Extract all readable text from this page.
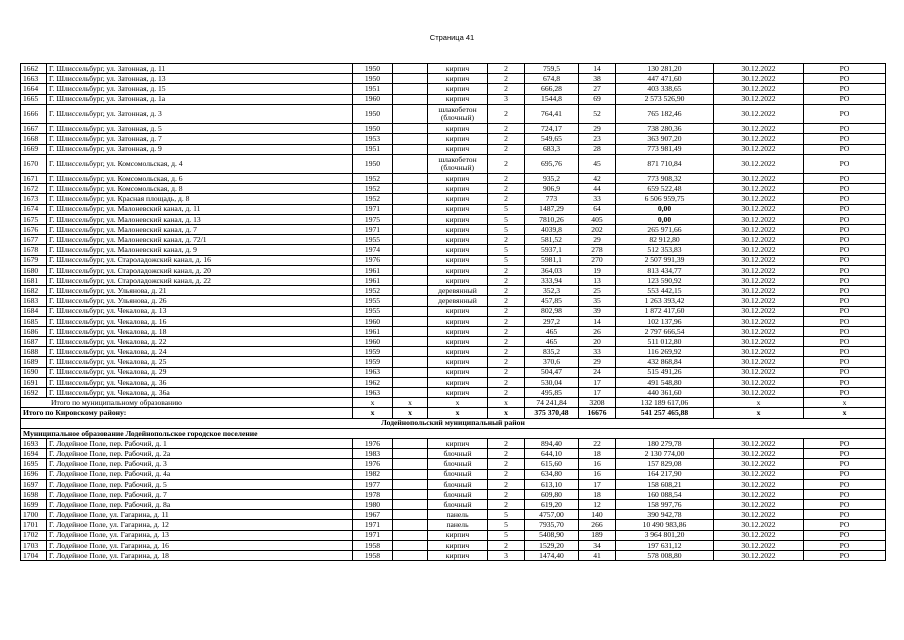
Страница 41
1662	Г. Шлиссельбург, ул. Затонная, д. 11	1950		кирпич	2	759,5	14	130 281,20	30.12.2022	РО
1663	Г. Шлиссельбург, ул. Затонная, д. 13	1950		кирпич	2	674,8	38	447 471,60	30.12.2022	РО
1664	Г. Шлиссельбург, ул. Затонная, д. 15	1951		кирпич	2	666,28	27	403 338,65	30.12.2022	РО
1665	Г. Шлиссельбург, ул. Затонная, д. 1а	1960		кирпич	3	1544,8	69	2 573 526,90	30.12.2022	РО
1666	Г. Шлиссельбург, ул. Затонная, д. 3	1950		шлакобетон (блочный)	2	764,41	52	765 182,46	30.12.2022	РО
1667	Г. Шлиссельбург, ул. Затонная, д. 5	1950		кирпич	2	724,17	29	738 280,36	30.12.2022	РО
1668	Г. Шлиссельбург, ул. Затонная, д. 7	1953		кирпич	2	549,65	23	363 907,20	30.12.2022	РО
1669	Г. Шлиссельбург, ул. Затонная, д. 9	1951		кирпич	2	683,3	28	773 981,49	30.12.2022	РО
1670	Г. Шлиссельбург, ул. Комсомольская, д. 4	1950		шлакобетон (блочный)	2	695,76	45	871 710,84	30.12.2022	РО
1671	Г. Шлиссельбург, ул. Комсомольская, д. 6	1952		кирпич	2	935,2	42	773 908,32	30.12.2022	РО
1672	Г. Шлиссельбург, ул. Комсомольская, д. 8	1952		кирпич	2	906,9	44	659 522,48	30.12.2022	РО
1673	Г. Шлиссельбург, ул. Красная площадь, д. 8	1952		кирпич	2	773	33	6 506 959,75	30.12.2022	РО
1674	Г. Шлиссельбург, ул. Малоневский канал, д. 11	1971		кирпич	5	1487,29	64	0,00	30.12.2022	РО
1675	Г. Шлиссельбург, ул. Малоневский канал, д. 13	1975		кирпич	5	7810,26	405	0,00	30.12.2022	РО
1676	Г. Шлиссельбург, ул. Малоневский канал, д. 7	1971		кирпич	5	4039,8	202	265 971,66	30.12.2022	РО
1677	Г. Шлиссельбург, ул. Малоневский канал, д. 72/1	1955		кирпич	2	581,52	29	82 912,80	30.12.2022	РО
1678	Г. Шлиссельбург, ул. Малоневский канал, д. 9	1974		кирпич	5	5937,1	278	512 353,83	30.12.2022	РО
1679	Г. Шлиссельбург, ул. Староладожский канал, д. 16	1976		кирпич	5	5981,1	270	2 507 991,39	30.12.2022	РО
1680	Г. Шлиссельбург, ул. Староладожский канал, д. 20	1961		кирпич	2	364,03	19	813 434,77	30.12.2022	РО
1681	Г. Шлиссельбург, ул. Староладожский канал, д. 22	1961		кирпич	2	333,94	13	123 590,92	30.12.2022	РО
1682	Г. Шлиссельбург, ул. Ульянова, д. 21	1952		деревянный	2	352,3	25	553 442,15	30.12.2022	РО
1683	Г. Шлиссельбург, ул. Ульянова, д. 26	1955		деревянный	2	457,85	35	1 263 393,42	30.12.2022	РО
1684	Г. Шлиссельбург, ул. Чекалова, д. 13	1955		кирпич	2	802,98	39	1 872 417,60	30.12.2022	РО
1685	Г. Шлиссельбург, ул. Чекалова, д. 16	1960		кирпич	2	297,2	14	102 137,96	30.12.2022	РО
1686	Г. Шлиссельбург, ул. Чекалова, д. 18	1961		кирпич	2	465	26	2 797 666,54	30.12.2022	РО
1687	Г. Шлиссельбург, ул. Чекалова, д. 22	1960		кирпич	2	465	20	511 012,80	30.12.2022	РО
1688	Г. Шлиссельбург, ул. Чекалова, д. 24	1959		кирпич	2	835,2	33	116 269,92	30.12.2022	РО
1689	Г. Шлиссельбург, ул. Чекалова, д. 25	1959		кирпич	2	370,6	29	432 868,84	30.12.2022	РО
1690	Г. Шлиссельбург, ул. Чекалова, д. 29	1963		кирпич	2	504,47	24	515 491,26	30.12.2022	РО
1691	Г. Шлиссельбург, ул. Чекалова, д. 36	1962		кирпич	2	530,04	17	491 548,80	30.12.2022	РО
1692	Г. Шлиссельбург, ул. Чекалова, д. 36а	1963		кирпич	2	495,85	17	440 361,60	30.12.2022	РО
Итого по муниципальному образованию		х	х	х	х	74 241,84	3208	132 189 617,06	х	х
Итого по Кировскому району:		х	х	х	х	375 370,48	16676	541 257 465,88	х	х
Лодейнопольский муниципальный район										
Муниципальное образование Лодейнопольское городское поселение										
1693	Г. Лодейное Поле, пер. Рабочий, д. 1	1976		кирпич	2	894,40	22	180 279,78	30.12.2022	РО
1694	Г. Лодейное Поле, пер. Рабочий, д. 2а	1983		блочный	2	644,10	18	2 130 774,00	30.12.2022	РО
1695	Г. Лодейное Поле, пер. Рабочий, д. 3	1976		блочный	2	615,60	16	157 829,08	30.12.2022	РО
1696	Г. Лодейное Поле, пер. Рабочий, д. 4а	1982		блочный	2	634,80	16	164 217,90	30.12.2022	РО
1697	Г. Лодейное Поле, пер. Рабочий, д. 5	1977		блочный	2	613,10	17	158 608,21	30.12.2022	РО
1698	Г. Лодейное Поле, пер. Рабочий, д. 7	1978		блочный	2	609,80	18	160 088,54	30.12.2022	РО
1699	Г. Лодейное Поле, пер. Рабочий, д. 8а	1980		блочный	2	619,20	12	158 997,76	30.12.2022	РО
1700	Г. Лодейное Поле, ул. Гагарина, д. 11	1967		панель	5	4757,00	140	390 942,78	30.12.2022	РО
1701	Г. Лодейное Поле, ул. Гагарина, д. 12	1971		панель	5	7935,70	266	10 490 983,86	30.12.2022	РО
1702	Г. Лодейное Поле, ул. Гагарина, д. 13	1971		кирпич	5	5408,90	189	3 964 801,20	30.12.2022	РО
1703	Г. Лодейное Поле, ул. Гагарина, д. 16	1958		кирпич	2	1529,20	34	197 631,12	30.12.2022	РО
1704	Г. Лодейное Поле, ул. Гагарина, д. 18	1958		кирпич	3	1474,40	41	578 008,80	30.12.2022	РО
